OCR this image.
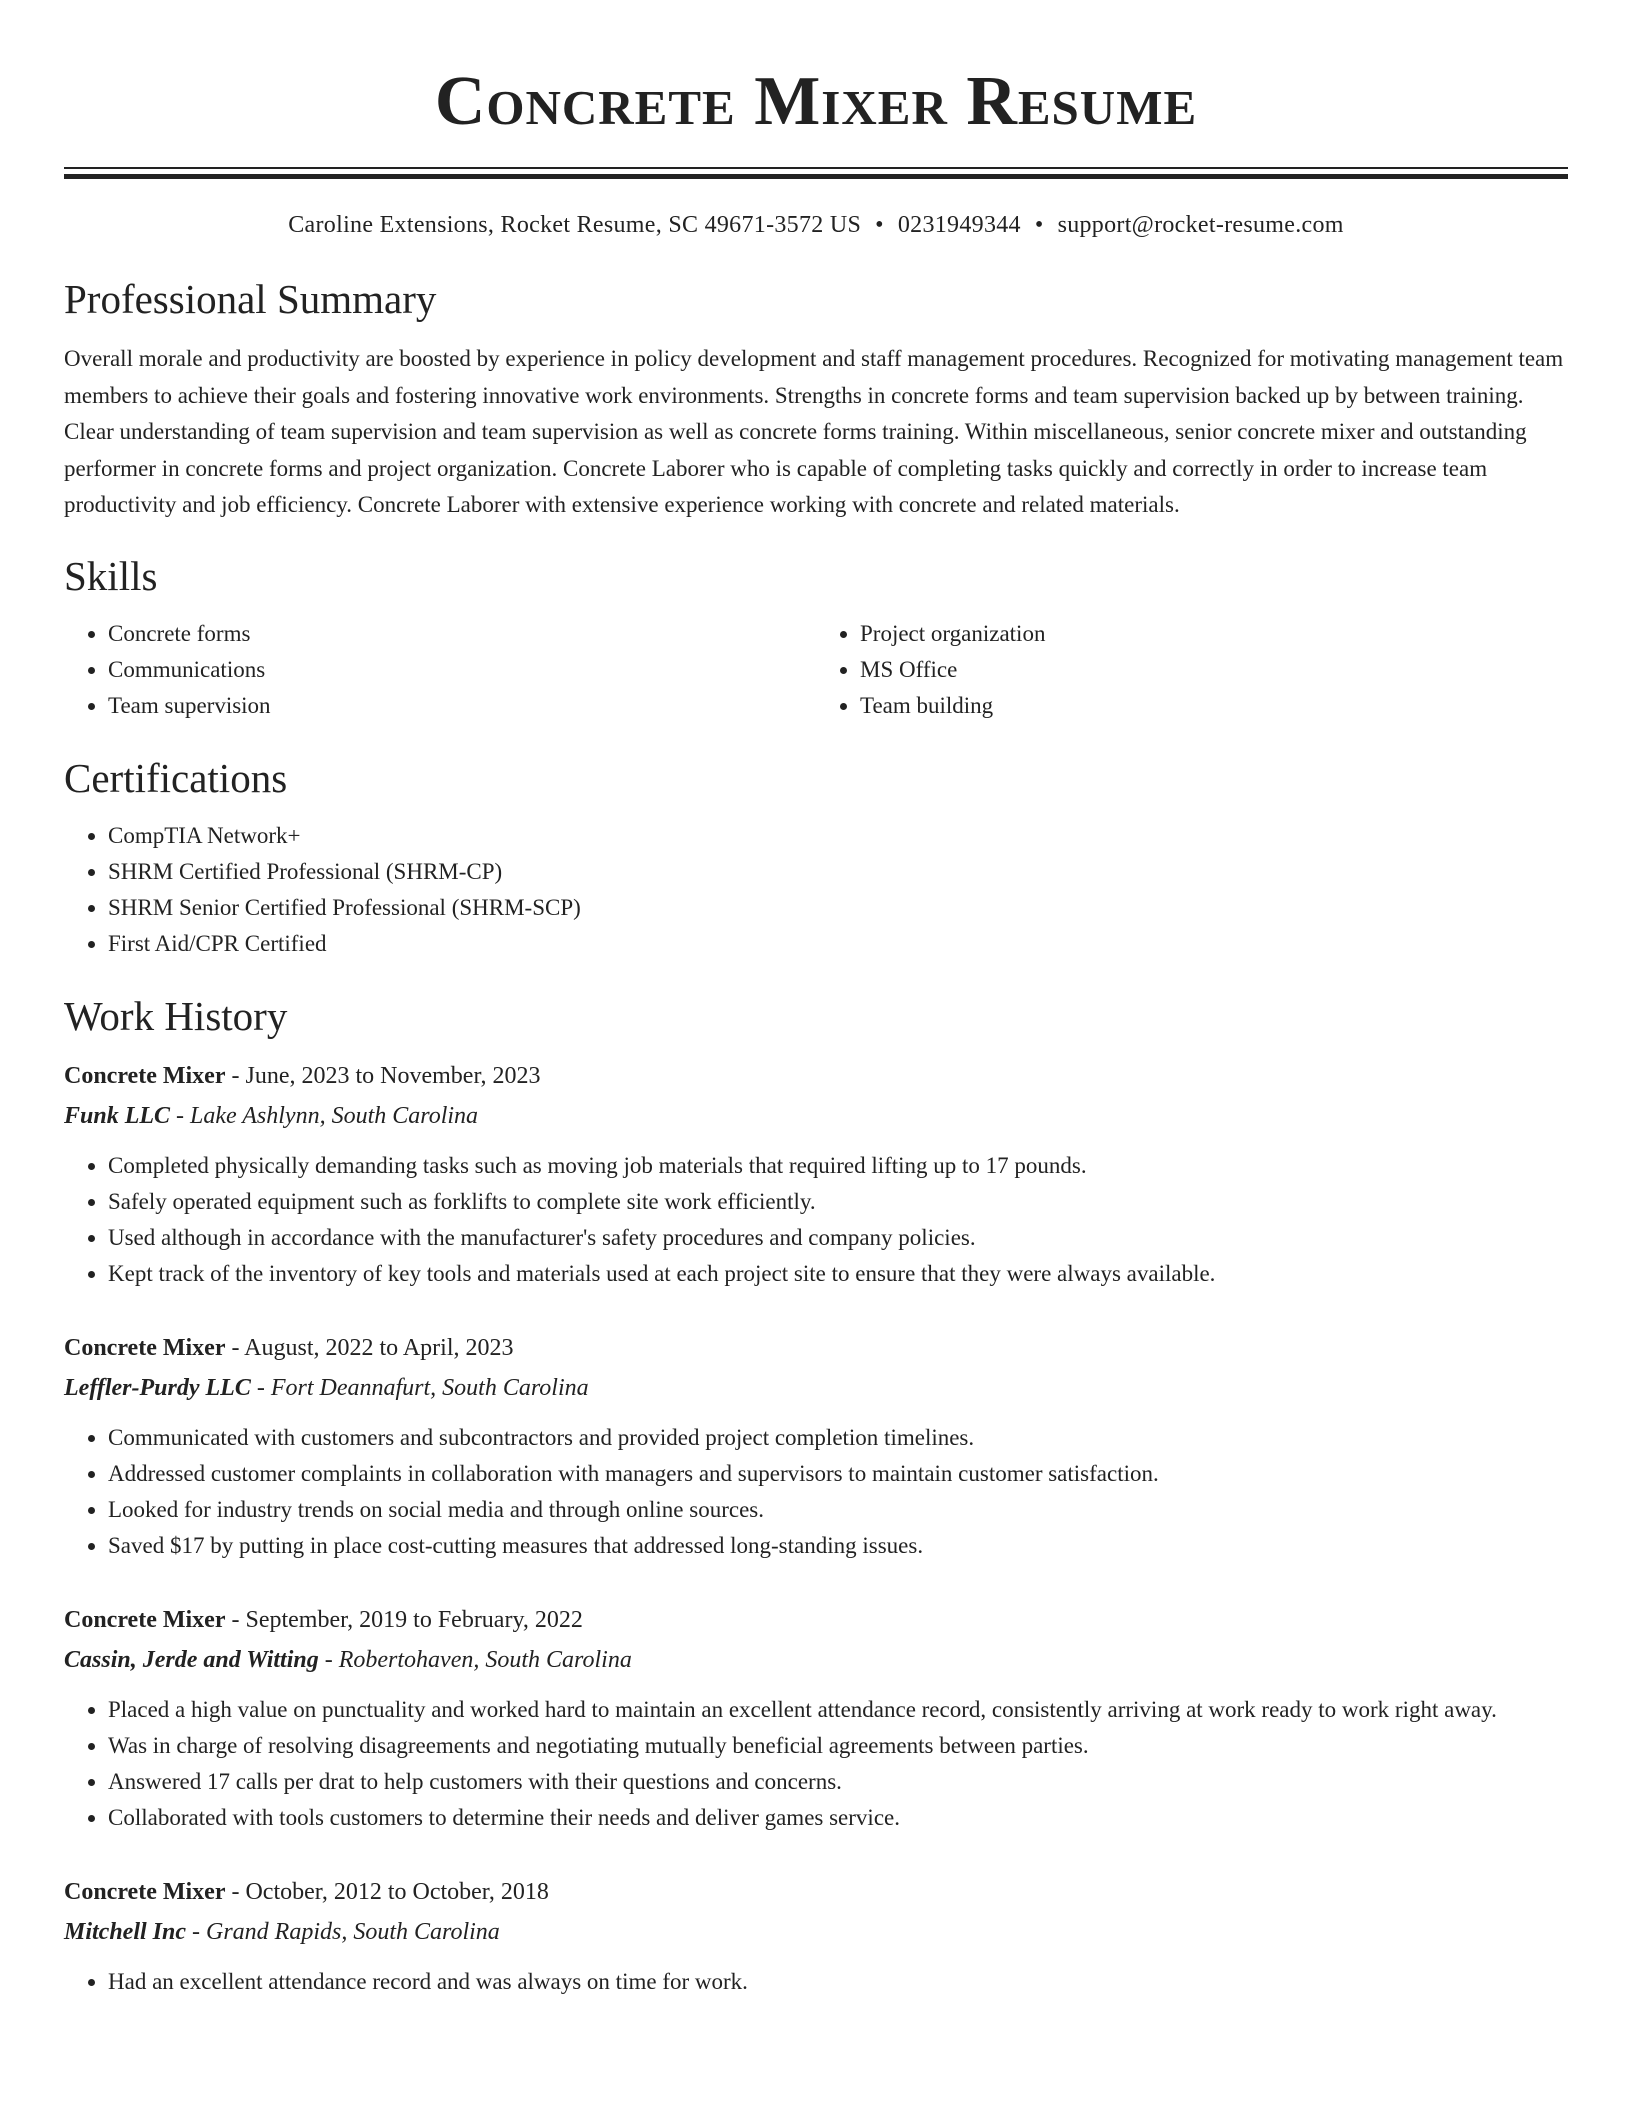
Concrete Mixer Resume
Caroline Extensions, Rocket Resume, SC 49671-3572 US • 0231949344 • support@rocket-resume.com
Professional Summary

Overall morale and productivity are boosted by experience in policy development and staff management procedures. Recognized for motivating management team members to achieve their goals and fostering innovative work environments. Strengths in concrete forms and team supervision backed up by between training. Clear understanding of team supervision and team supervision as well as concrete forms training. Within miscellaneous, senior concrete mixer and outstanding performer in concrete forms and project organization. Concrete Laborer who is capable of completing tasks quickly and correctly in order to increase team productivity and job efficiency. Concrete Laborer with extensive experience working with concrete and related materials.

Skills
• Concrete forms
• Communications
• Team supervision
• Project organization
• MS Office
• Team building
Certifications
• CompTIA Network+
• SHRM Certified Professional (SHRM-CP)
• SHRM Senior Certified Professional (SHRM-SCP)
• First Aid/CPR Certified
Work History
Concrete Mixer - June, 2023 to November, 2023
Funk LLC - Lake Ashlynn, South Carolina
• Completed physically demanding tasks such as moving job materials that required lifting up to 17 pounds.
• Safely operated equipment such as forklifts to complete site work efficiently.
• Used although in accordance with the manufacturer's safety procedures and company policies.
• Kept track of the inventory of key tools and materials used at each project site to ensure that they were always available.
Concrete Mixer - August, 2022 to April, 2023
Leffler-Purdy LLC - Fort Deannafurt, South Carolina
• Communicated with customers and subcontractors and provided project completion timelines.
• Addressed customer complaints in collaboration with managers and supervisors to maintain customer satisfaction.
• Looked for industry trends on social media and through online sources.
• Saved $17 by putting in place cost-cutting measures that addressed long-standing issues.
Concrete Mixer - September, 2019 to February, 2022
Cassin, Jerde and Witting - Robertohaven, South Carolina
• Placed a high value on punctuality and worked hard to maintain an excellent attendance record, consistently arriving at work ready to work right away.
• Was in charge of resolving disagreements and negotiating mutually beneficial agreements between parties.
• Answered 17 calls per drat to help customers with their questions and concerns.
• Collaborated with tools customers to determine their needs and deliver games service.
Concrete Mixer - October, 2012 to October, 2018
Mitchell Inc - Grand Rapids, South Carolina
• Had an excellent attendance record and was always on time for work.
